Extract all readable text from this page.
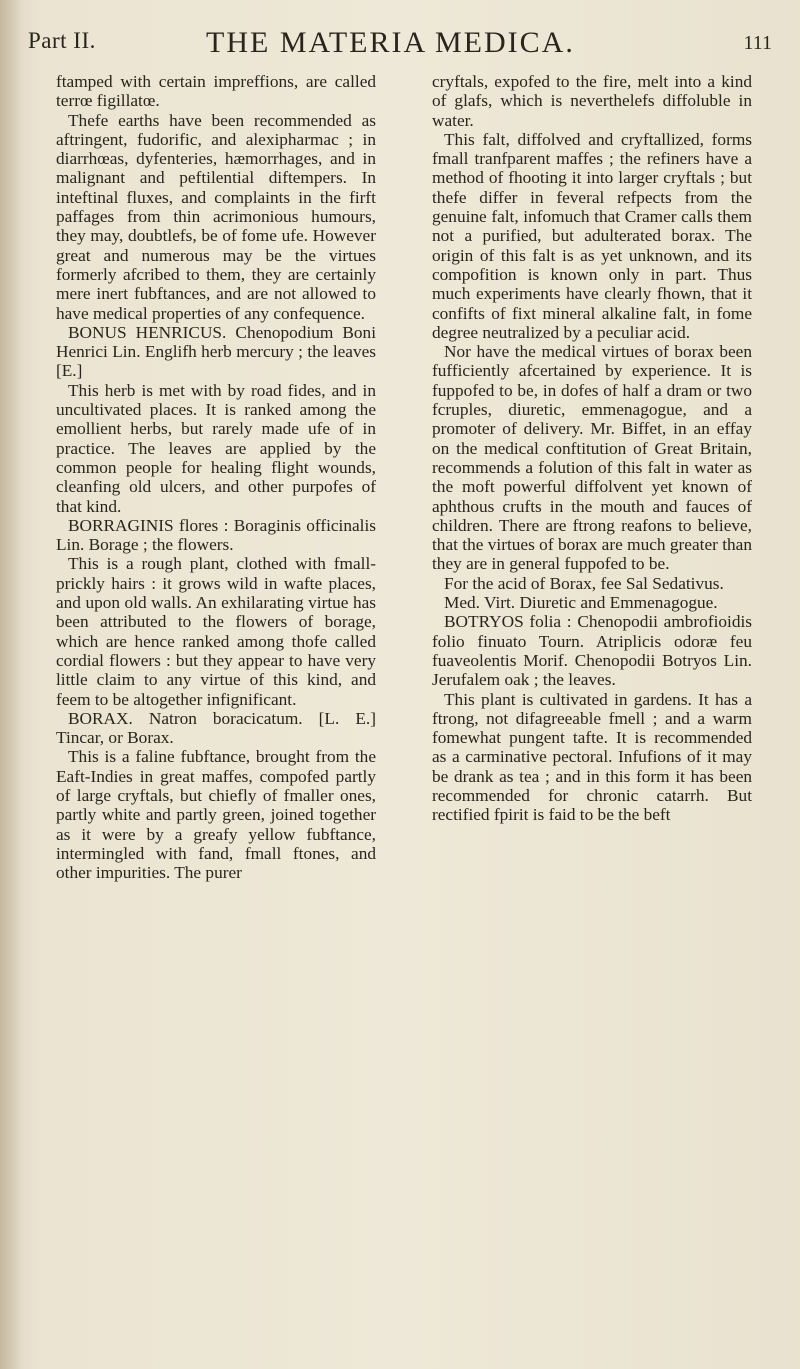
Part II.	THE MATERIA MEDICA.	111

ftamped with certain impreffions, are called terrœ figillatœ.

Thefe earths have been recommended as aftringent, fudorific, and alexipharmac ; in diarrhœas, dyfenteries, hæmorrhages, and in malignant and peftilential diftempers. In inteftinal fluxes, and complaints in the firft paffages from thin acrimonious humours, they may, doubtlefs, be of fome ufe. However great and numerous may be the virtues formerly afcribed to them, they are certainly mere inert fubftances, and are not allowed to have medical properties of any confequence.

BONUS HENRICUS. Chenopodium Boni Henrici Lin. Englifh herb mercury ; the leaves [E.]

This herb is met with by road fides, and in uncultivated places. It is ranked among the emollient herbs, but rarely made ufe of in practice. The leaves are applied by the common people for healing flight wounds, cleanfing old ulcers, and other purpofes of that kind.

BORRAGINIS flores : Boraginis officinalis Lin. Borage ; the flowers.

This is a rough plant, clothed with fmall-prickly hairs : it grows wild in wafte places, and upon old walls. An exhilarating virtue has been attributed to the flowers of borage, which are hence ranked among thofe called cordial flowers : but they appear to have very little claim to any virtue of this kind, and feem to be altogether infignificant.

BORAX. Natron boracicatum. [L. E.] Tincar, or Borax.

This is a faline fubftance, brought from the Eaft-Indies in great maffes, compofed partly of large cryftals, but chiefly of fmaller ones, partly white and partly green, joined together as it were by a greafy yellow fubftance, intermingled with fand, fmall ftones, and other impurities. The purer

cryftals, expofed to the fire, melt into a kind of glafs, which is neverthelefs diffoluble in water.

This falt, diffolved and cryftallized, forms fmall tranfparent maffes ; the refiners have a method of fhooting it into larger cryftals ; but thefe differ in feveral refpects from the genuine falt, infomuch that Cramer calls them not a purified, but adulterated borax. The origin of this falt is as yet unknown, and its compofition is known only in part. Thus much experiments have clearly fhown, that it confifts of fixt mineral alkaline falt, in fome degree neutralized by a peculiar acid.

Nor have the medical virtues of borax been fufficiently afcertained by experience. It is fuppofed to be, in dofes of half a dram or two fcruples, diuretic, emmenagogue, and a promoter of delivery. Mr. Biffet, in an effay on the medical conftitution of Great Britain, recommends a folution of this falt in water as the moft powerful diffolvent yet known of aphthous crufts in the mouth and fauces of children. There are ftrong reafons to believe, that the virtues of borax are much greater than they are in general fuppofed to be.

For the acid of Borax, fee Sal Sedativus.

Med. Virt. Diuretic and Emmenagogue.

BOTRYOS folia : Chenopodii ambrofioidis folio finuato Tourn. Atriplicis odoræ feu fuaveolentis Morif. Chenopodii Botryos Lin. Jerufalem oak ; the leaves.

This plant is cultivated in gardens. It has a ftrong, not difagreeable fmell ; and a warm fomewhat pungent tafte. It is recommended as a carminative pectoral. Infufions of it may be drank as tea ; and in this form it has been recommended for chronic catarrh. But rectified fpirit is faid to be the beft
